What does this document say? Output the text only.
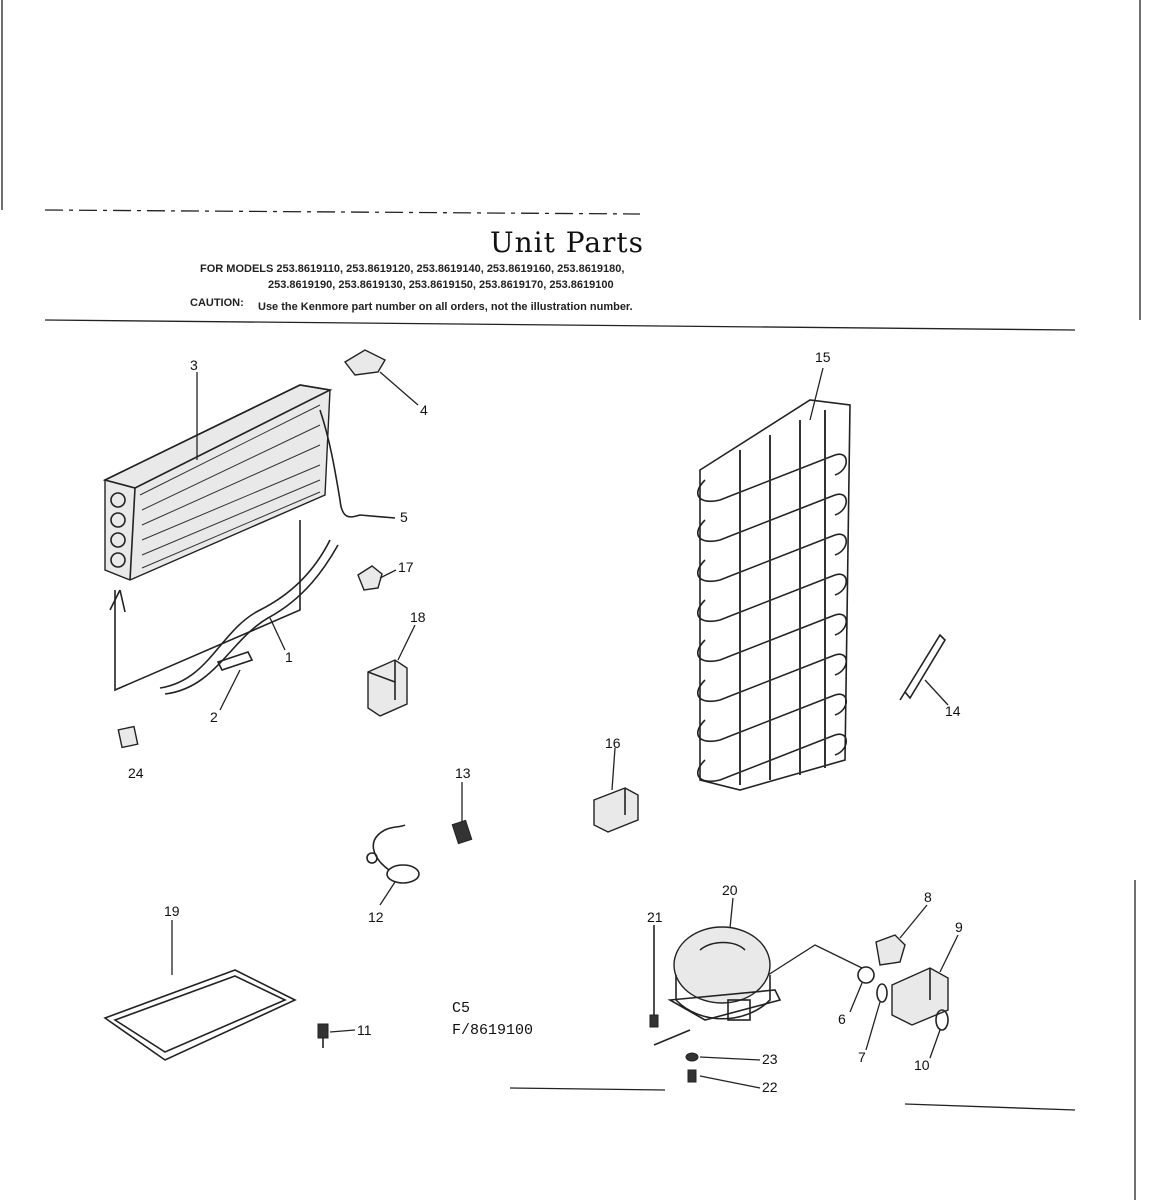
Unit Parts
FOR MODELS 253.8619110, 253.8619120, 253.8619140, 253.8619160, 253.8619180,
253.8619190, 253.8619130, 253.8619150, 253.8619170, 253.8619100
CAUTION: Use the Kenmore part number on all orders, not the illustration number.
3
4
5
17
18
1
2
24
15
14
16
13
12
19
11
20
21
8
9
6
7	10
23
22
C5
F/8619100
